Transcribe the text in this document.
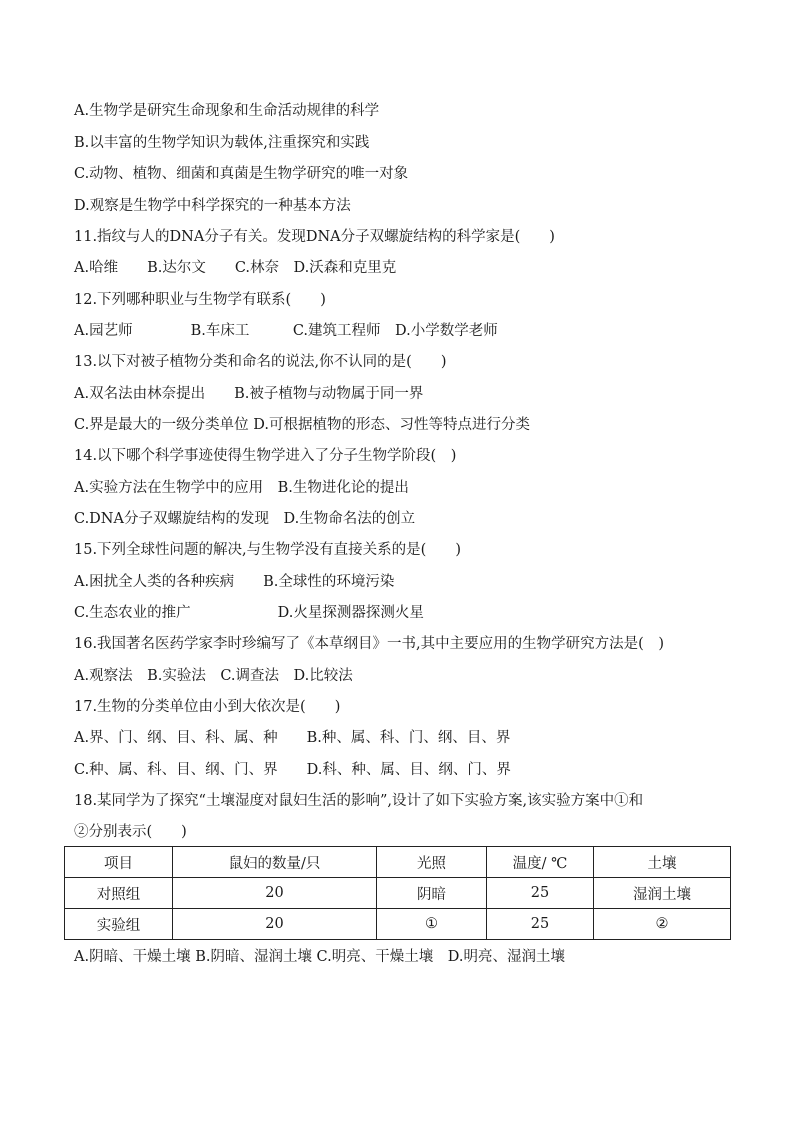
A.生物学是研究生命现象和生命活动规律的科学
B.以丰富的生物学知识为载体,注重探究和实践
C.动物、植物、细菌和真菌是生物学研究的唯一对象
D.观察是生物学中科学探究的一种基本方法
11.指纹与人的DNA分子有关。发现DNA分子双螺旋结构的科学家是(　　)
A.哈维　　B.达尔文　　C.林奈　D.沃森和克里克
12.下列哪种职业与生物学有联系(　　)
A.园艺师　　　　B.车床工　　　C.建筑工程师　D.小学数学老师
13.以下对被子植物分类和命名的说法,你不认同的是(　　)
A.双名法由林奈提出　　B.被子植物与动物属于同一界
C.界是最大的一级分类单位 D.可根据植物的形态、习性等特点进行分类
14.以下哪个科学事迹使得生物学进入了分子生物学阶段(　)
A.实验方法在生物学中的应用　B.生物进化论的提出
C.DNA分子双螺旋结构的发现　D.生物命名法的创立
15.下列全球性问题的解决,与生物学没有直接关系的是(　　)
A.困扰全人类的各种疾病　　B.全球性的环境污染
C.生态农业的推广　　　　　　D.火星探测器探测火星
16.我国著名医药学家李时珍编写了《本草纲目》一书,其中主要应用的生物学研究方法是(　)
A.观察法　B.实验法　C.调查法　D.比较法
17.生物的分类单位由小到大依次是(　　)
A.界、门、纲、目、科、属、种　　B.种、属、科、门、纲、目、界
C.种、属、科、目、纲、门、界　　D.科、种、属、目、纲、门、界
18.某同学为了探究“土壤湿度对鼠妇生活的影响”,设计了如下实验方案,该实验方案中①和
②分别表示(　　)
项目	鼠妇的数量/只	光照	温度/ ℃	土壤
对照组	20	阴暗	25	湿润土壤
实验组	20	①	25	②
A.阴暗、干燥土壤 B.阴暗、湿润土壤 C.明亮、干燥土壤　D.明亮、湿润土壤
